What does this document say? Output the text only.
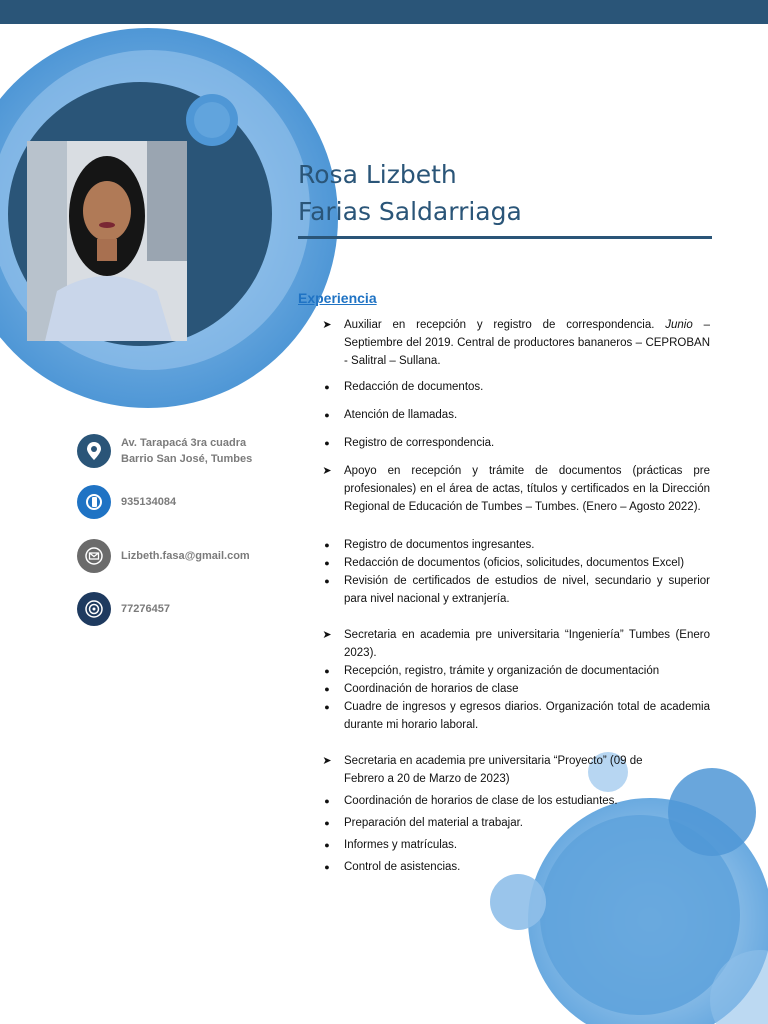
Rosa Lizbeth
Farias Saldarriaga
Av. Tarapacá 3ra cuadra
Barrio San José, Tumbes
935134084
Lizbeth.fasa@gmail.com
77276457
Experiencia
➤ Auxiliar en recepción y registro de correspondencia. Junio – Septiembre del 2019. Central de productores bananeros – CEPROBAN - Salitral – Sullana.
●	Redacción de documentos.
●	Atención de llamadas.
●	Registro de correspondencia.
➤ Apoyo en recepción y trámite de documentos (prácticas pre profesionales) en el área de actas, títulos y certificados en la Dirección Regional de Educación de Tumbes – Tumbes. (Enero – Agosto 2022).
●	Registro de documentos ingresantes.
●	Redacción de documentos (oficios, solicitudes, documentos Excel)
●	Revisión de certificados de estudios de nivel, secundario y superior para nivel nacional y extranjería.
➤ Secretaria en academia pre universitaria “Ingeniería” Tumbes (Enero 2023).
●	Recepción, registro, trámite y organización de documentación
●	Coordinación de horarios de clase
●	Cuadre de ingresos y egresos diarios. Organización total de academia durante mi horario laboral.
➤ Secretaria en academia pre universitaria “Proyecto” (09 de Febrero a 20 de Marzo de 2023)
●	Coordinación de horarios de clase de los estudiantes.
●	Preparación del material a trabajar.
●	Informes y matrículas.
●	Control de asistencias.
